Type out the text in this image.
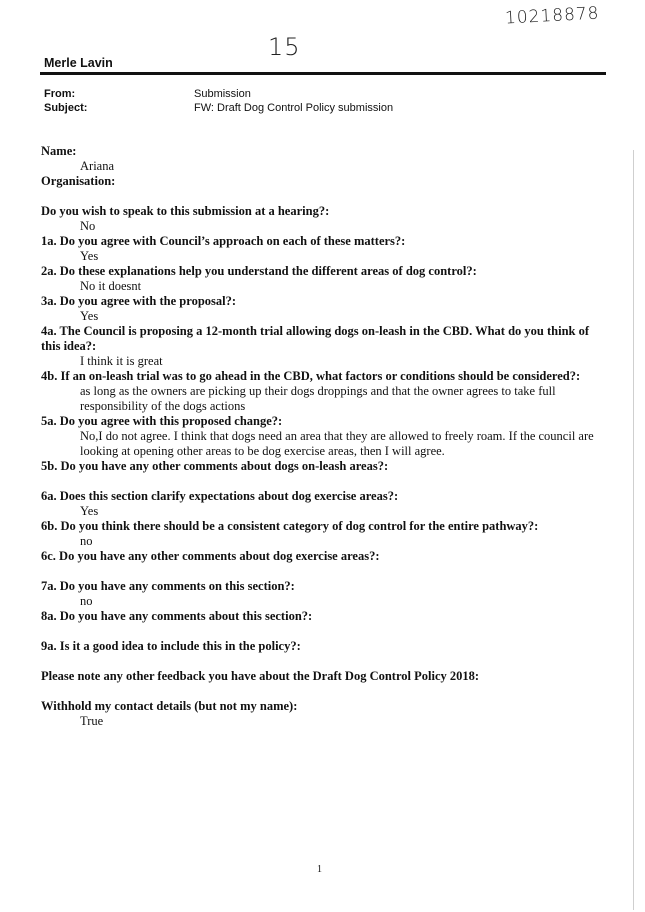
10218878
15
Merle Lavin
From:	Submission
Subject:	FW: Draft Dog Control Policy submission
Name:
Ariana
Organisation:
Do you wish to speak to this submission at a hearing?:
No
1a. Do you agree with Council’s approach on each of these matters?:
Yes
2a. Do these explanations help you understand the different areas of dog control?:
No it doesnt
3a. Do you agree with the proposal?:
Yes
4a. The Council is proposing a 12-month trial allowing dogs on-leash in the CBD. What do you think of this idea?:
I think it is great
4b. If an on-leash trial was to go ahead in the CBD, what factors or conditions should be considered?:
as long as the owners are picking up their dogs droppings and that the owner agrees to take full responsibility of the dogs actions
5a. Do you agree with this proposed change?:
No,I do not agree. I think that dogs need an area that they are allowed to freely roam. If the council are looking at opening other areas to be dog exercise areas, then I will agree.
5b. Do you have any other comments about dogs on-leash areas?:
6a. Does this section clarify expectations about dog exercise areas?:
Yes
6b. Do you think there should be a consistent category of dog control for the entire pathway?:
no
6c. Do you have any other comments about dog exercise areas?:
7a. Do you have any comments on this section?:
no
8a. Do you have any comments about this section?:
9a. Is it a good idea to include this in the policy?:
Please note any other feedback you have about the Draft Dog Control Policy 2018:
Withhold my contact details (but not my name):
True
1
